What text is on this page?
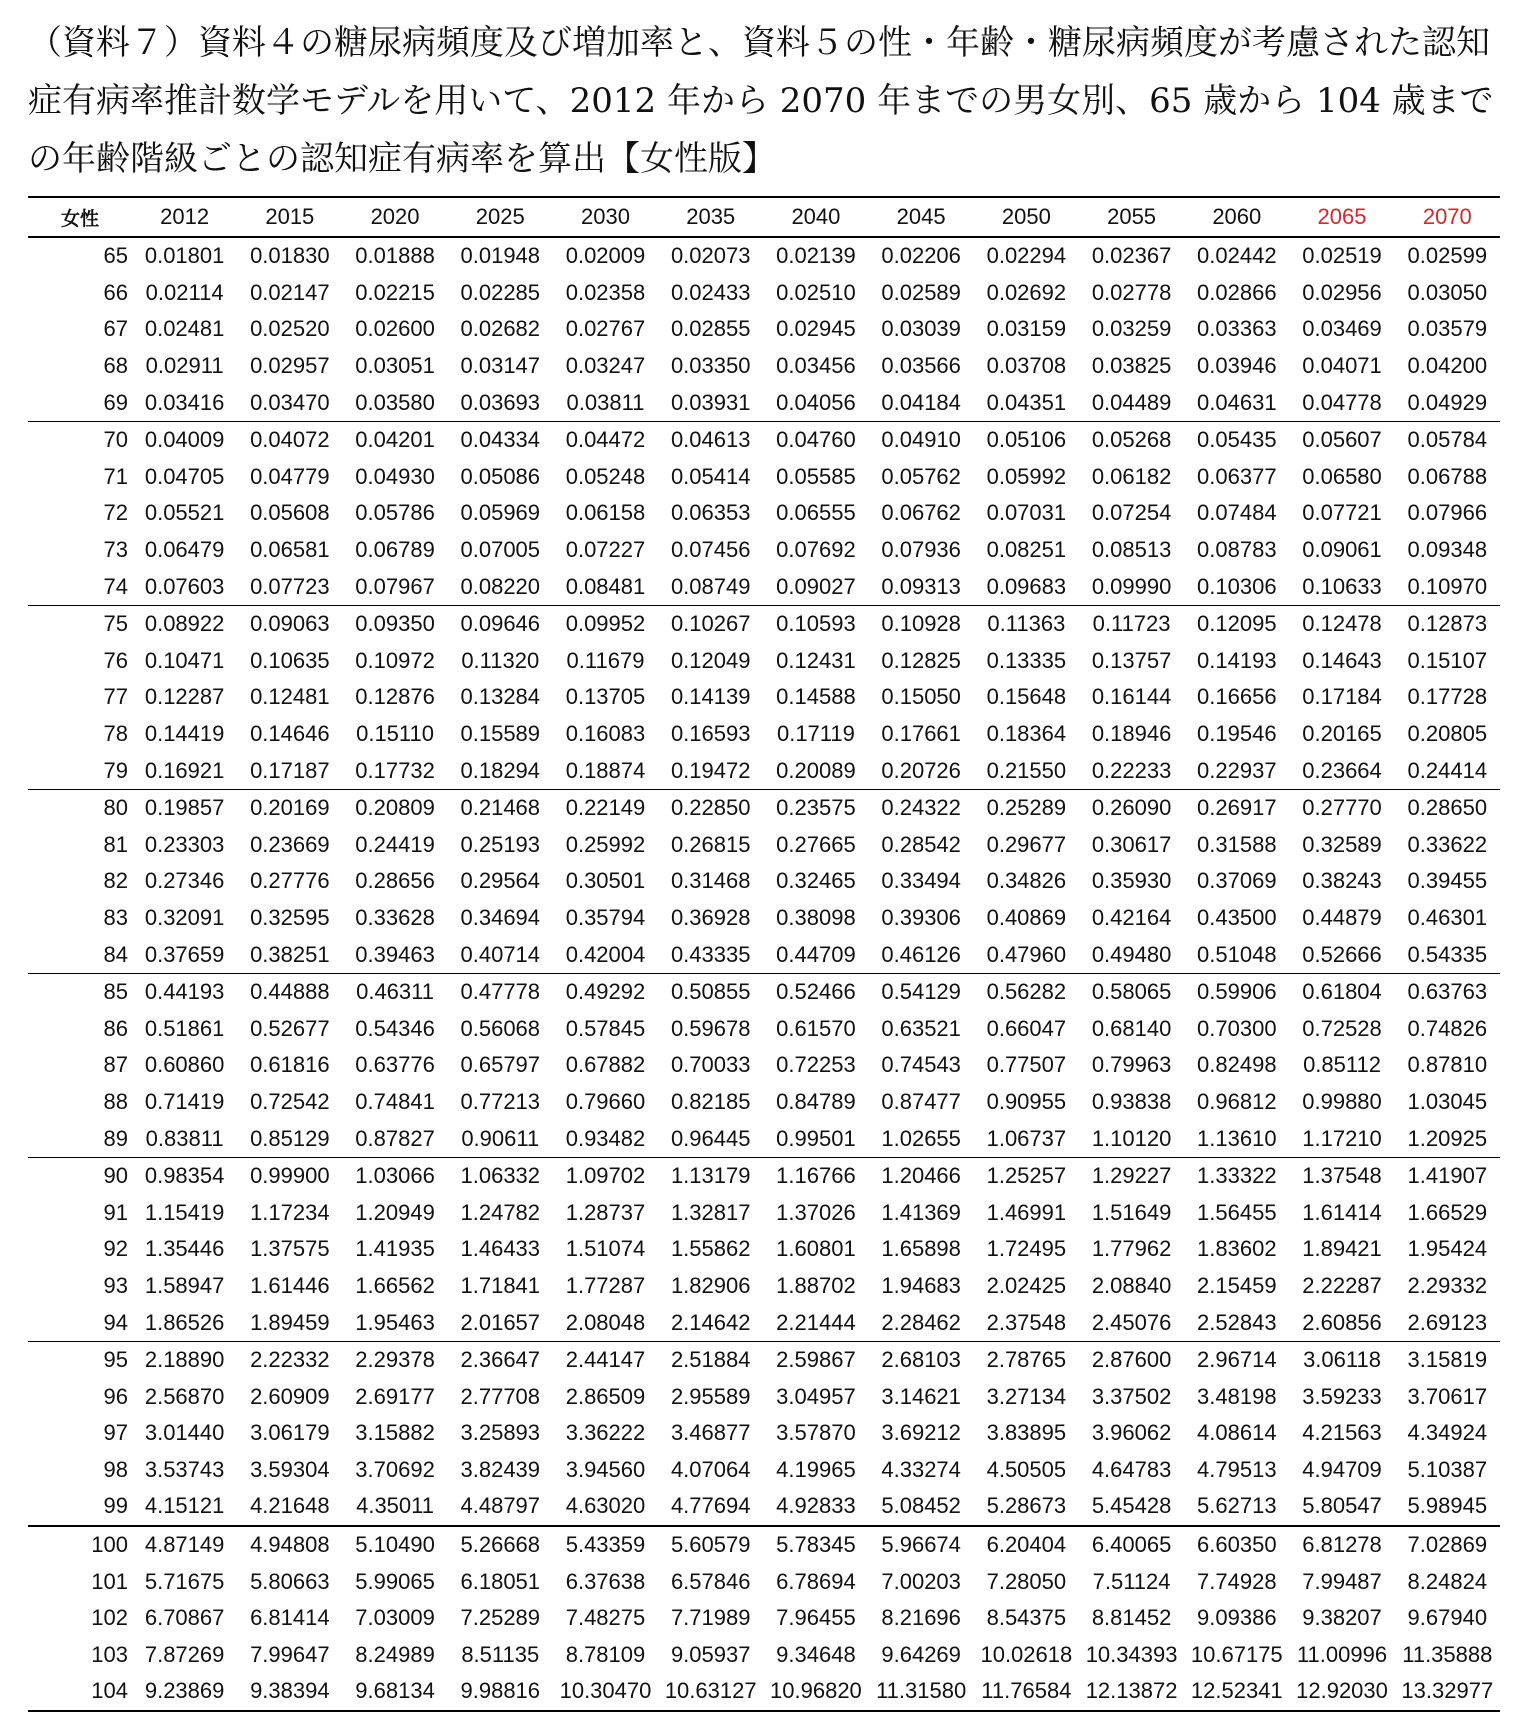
（資料７）資料４の糖尿病頻度及び増加率と、資料５の性・年齢・糖尿病頻度が考慮された認知症有病率推計数学モデルを用いて、2012 年から 2070 年までの男女別、65 歳から 104 歳までの年齢階級ごとの認知症有病率を算出【女性版】
女性	2012	2015	2020	2025	2030	2035	2040	2045	2050	2055	2060	2065	2070
65	0.01801	0.01830	0.01888	0.01948	0.02009	0.02073	0.02139	0.02206	0.02294	0.02367	0.02442	0.02519	0.02599
66	0.02114	0.02147	0.02215	0.02285	0.02358	0.02433	0.02510	0.02589	0.02692	0.02778	0.02866	0.02956	0.03050
67	0.02481	0.02520	0.02600	0.02682	0.02767	0.02855	0.02945	0.03039	0.03159	0.03259	0.03363	0.03469	0.03579
68	0.02911	0.02957	0.03051	0.03147	0.03247	0.03350	0.03456	0.03566	0.03708	0.03825	0.03946	0.04071	0.04200
69	0.03416	0.03470	0.03580	0.03693	0.03811	0.03931	0.04056	0.04184	0.04351	0.04489	0.04631	0.04778	0.04929
70	0.04009	0.04072	0.04201	0.04334	0.04472	0.04613	0.04760	0.04910	0.05106	0.05268	0.05435	0.05607	0.05784
71	0.04705	0.04779	0.04930	0.05086	0.05248	0.05414	0.05585	0.05762	0.05992	0.06182	0.06377	0.06580	0.06788
72	0.05521	0.05608	0.05786	0.05969	0.06158	0.06353	0.06555	0.06762	0.07031	0.07254	0.07484	0.07721	0.07966
73	0.06479	0.06581	0.06789	0.07005	0.07227	0.07456	0.07692	0.07936	0.08251	0.08513	0.08783	0.09061	0.09348
74	0.07603	0.07723	0.07967	0.08220	0.08481	0.08749	0.09027	0.09313	0.09683	0.09990	0.10306	0.10633	0.10970
75	0.08922	0.09063	0.09350	0.09646	0.09952	0.10267	0.10593	0.10928	0.11363	0.11723	0.12095	0.12478	0.12873
76	0.10471	0.10635	0.10972	0.11320	0.11679	0.12049	0.12431	0.12825	0.13335	0.13757	0.14193	0.14643	0.15107
77	0.12287	0.12481	0.12876	0.13284	0.13705	0.14139	0.14588	0.15050	0.15648	0.16144	0.16656	0.17184	0.17728
78	0.14419	0.14646	0.15110	0.15589	0.16083	0.16593	0.17119	0.17661	0.18364	0.18946	0.19546	0.20165	0.20805
79	0.16921	0.17187	0.17732	0.18294	0.18874	0.19472	0.20089	0.20726	0.21550	0.22233	0.22937	0.23664	0.24414
80	0.19857	0.20169	0.20809	0.21468	0.22149	0.22850	0.23575	0.24322	0.25289	0.26090	0.26917	0.27770	0.28650
81	0.23303	0.23669	0.24419	0.25193	0.25992	0.26815	0.27665	0.28542	0.29677	0.30617	0.31588	0.32589	0.33622
82	0.27346	0.27776	0.28656	0.29564	0.30501	0.31468	0.32465	0.33494	0.34826	0.35930	0.37069	0.38243	0.39455
83	0.32091	0.32595	0.33628	0.34694	0.35794	0.36928	0.38098	0.39306	0.40869	0.42164	0.43500	0.44879	0.46301
84	0.37659	0.38251	0.39463	0.40714	0.42004	0.43335	0.44709	0.46126	0.47960	0.49480	0.51048	0.52666	0.54335
85	0.44193	0.44888	0.46311	0.47778	0.49292	0.50855	0.52466	0.54129	0.56282	0.58065	0.59906	0.61804	0.63763
86	0.51861	0.52677	0.54346	0.56068	0.57845	0.59678	0.61570	0.63521	0.66047	0.68140	0.70300	0.72528	0.74826
87	0.60860	0.61816	0.63776	0.65797	0.67882	0.70033	0.72253	0.74543	0.77507	0.79963	0.82498	0.85112	0.87810
88	0.71419	0.72542	0.74841	0.77213	0.79660	0.82185	0.84789	0.87477	0.90955	0.93838	0.96812	0.99880	1.03045
89	0.83811	0.85129	0.87827	0.90611	0.93482	0.96445	0.99501	1.02655	1.06737	1.10120	1.13610	1.17210	1.20925
90	0.98354	0.99900	1.03066	1.06332	1.09702	1.13179	1.16766	1.20466	1.25257	1.29227	1.33322	1.37548	1.41907
91	1.15419	1.17234	1.20949	1.24782	1.28737	1.32817	1.37026	1.41369	1.46991	1.51649	1.56455	1.61414	1.66529
92	1.35446	1.37575	1.41935	1.46433	1.51074	1.55862	1.60801	1.65898	1.72495	1.77962	1.83602	1.89421	1.95424
93	1.58947	1.61446	1.66562	1.71841	1.77287	1.82906	1.88702	1.94683	2.02425	2.08840	2.15459	2.22287	2.29332
94	1.86526	1.89459	1.95463	2.01657	2.08048	2.14642	2.21444	2.28462	2.37548	2.45076	2.52843	2.60856	2.69123
95	2.18890	2.22332	2.29378	2.36647	2.44147	2.51884	2.59867	2.68103	2.78765	2.87600	2.96714	3.06118	3.15819
96	2.56870	2.60909	2.69177	2.77708	2.86509	2.95589	3.04957	3.14621	3.27134	3.37502	3.48198	3.59233	3.70617
97	3.01440	3.06179	3.15882	3.25893	3.36222	3.46877	3.57870	3.69212	3.83895	3.96062	4.08614	4.21563	4.34924
98	3.53743	3.59304	3.70692	3.82439	3.94560	4.07064	4.19965	4.33274	4.50505	4.64783	4.79513	4.94709	5.10387
99	4.15121	4.21648	4.35011	4.48797	4.63020	4.77694	4.92833	5.08452	5.28673	5.45428	5.62713	5.80547	5.98945
100	4.87149	4.94808	5.10490	5.26668	5.43359	5.60579	5.78345	5.96674	6.20404	6.40065	6.60350	6.81278	7.02869
101	5.71675	5.80663	5.99065	6.18051	6.37638	6.57846	6.78694	7.00203	7.28050	7.51124	7.74928	7.99487	8.24824
102	6.70867	6.81414	7.03009	7.25289	7.48275	7.71989	7.96455	8.21696	8.54375	8.81452	9.09386	9.38207	9.67940
103	7.87269	7.99647	8.24989	8.51135	8.78109	9.05937	9.34648	9.64269	10.02618	10.34393	10.67175	11.00996	11.35888
104	9.23869	9.38394	9.68134	9.98816	10.30470	10.63127	10.96820	11.31580	11.76584	12.13872	12.52341	12.92030	13.32977
